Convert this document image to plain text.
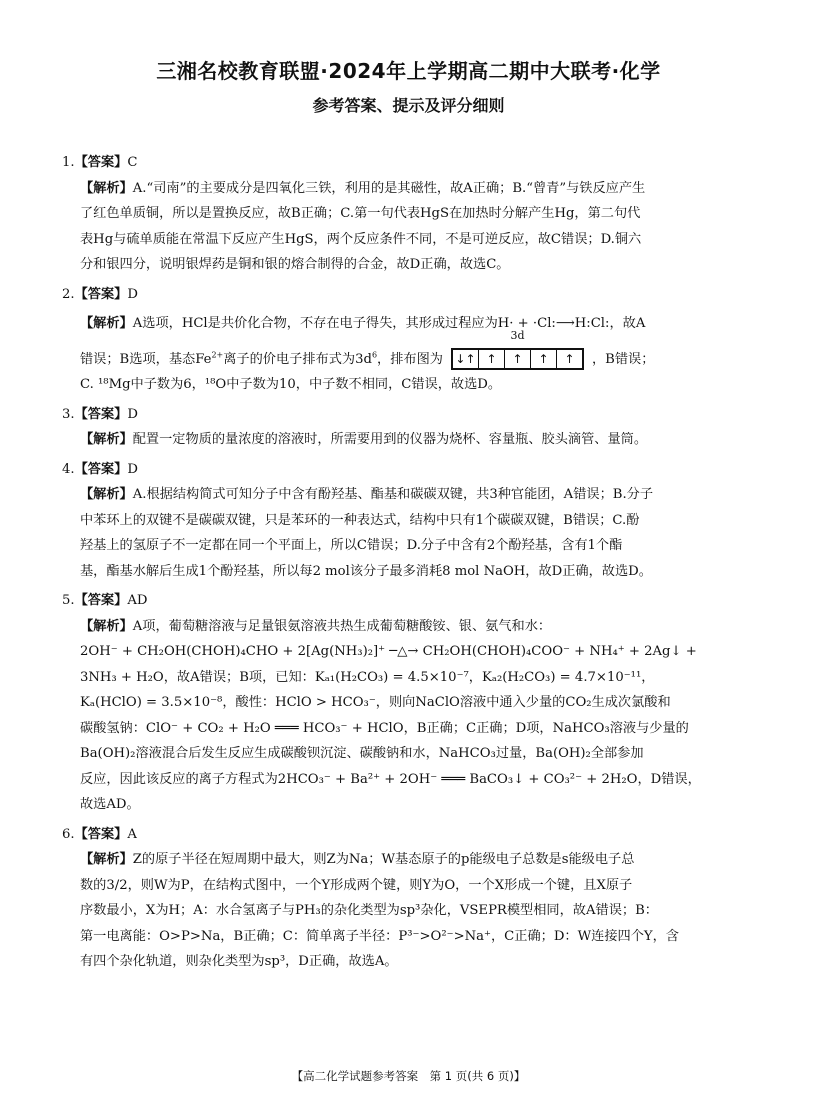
三湘名校教育联盟·2024年上学期高二期中大联考·化学
参考答案、提示及评分细则
1.【答案】C
【解析】A.“司南”的主要成分是四氧化三铁，利用的是其磁性，故A正确；B.“曾青”与铁反应产生
了红色单质铜，所以是置换反应，故B正确；C.第一句代表HgS在加热时分解产生Hg，第二句代
表Hg与硫单质能在常温下反应产生HgS，两个反应条件不同，不是可逆反应，故C错误；D.铜六
分和银四分，说明银焊药是铜和银的熔合制得的合金，故D正确，故选C。
2.【答案】D
【解析】A选项，HCl是共价化合物，不存在电子得失，其形成过程应为H· + ·Cl:⟶H:Cl:，故A
错误；B选项，基态$Fe^{2+}$离子的价电子排布式为$3d^6$，排布图为
3d
↓↑ ↑	↑	↑	↑	，B错误；
C. ¹⁸Mg中子数为6，¹⁸O中子数为10，中子数不相同，C错误，故选D。
3.【答案】D
【解析】配置一定物质的量浓度的溶液时，所需要用到的仪器为烧杯、容量瓶、胶头滴管、量筒。
4.【答案】D
【解析】A.根据结构简式可知分子中含有酚羟基、酯基和碳碳双键，共3种官能团，A错误；B.分子
中苯环上的双键不是碳碳双键，只是苯环的一种表达式，结构中只有1个碳碳双键，B错误；C.酚
羟基上的氢原子不一定都在同一个平面上，所以C错误；D.分子中含有2个酚羟基，含有1个酯
基，酯基水解后生成1个酚羟基，所以每2 mol该分子最多消耗8 mol NaOH，故D正确，故选D。
5.【答案】AD
【解析】A项，葡萄糖溶液与足量银氨溶液共热生成葡萄糖酸铵、银、氨气和水：
2OH⁻ + CH₂OH(CHOH)₄CHO + 2[Ag(NH₃)₂]⁺ ─△→ CH₂OH(CHOH)₄COO⁻ + NH₄⁺ + 2Ag↓ +
3NH₃ + H₂O，故A错误；B项，已知：Kₐ₁(H₂CO₃) = 4.5×10⁻⁷，Kₐ₂(H₂CO₃) = 4.7×10⁻¹¹，
Kₐ(HClO) = 3.5×10⁻⁸，酸性：HClO > HCO₃⁻，则向NaClO溶液中通入少量的CO₂生成次氯酸和
碳酸氢钠：ClO⁻ + CO₂ + H₂O ═══ HCO₃⁻ + HClO，B正确；C正确；D项，NaHCO₃溶液与少量的
Ba(OH)₂溶液混合后发生反应生成碳酸钡沉淀、碳酸钠和水，NaHCO₃过量，Ba(OH)₂全部参加
反应，因此该反应的离子方程式为2HCO₃⁻ + Ba²⁺ + 2OH⁻ ═══ BaCO₃↓ + CO₃²⁻ + 2H₂O，D错误，
故选AD。
6.【答案】A
【解析】Z的原子半径在短周期中最大，则Z为Na；W基态原子的p能级电子总数是s能级电子总
数的3/2，则W为P，在结构式图中，一个Y形成两个键，则Y为O，一个X形成一个键，且X原子
序数最小，X为H；A：水合氢离子与PH₃的杂化类型为sp³杂化，VSEPR模型相同，故A错误；B：
第一电离能：O>P>Na，B正确；C：简单离子半径：P³⁻>O²⁻>Na⁺，C正确；D：W连接四个Y，含
有四个杂化轨道，则杂化类型为sp³，D正确，故选A。
【高二化学试题参考答案　第 1 页(共 6 页)】
